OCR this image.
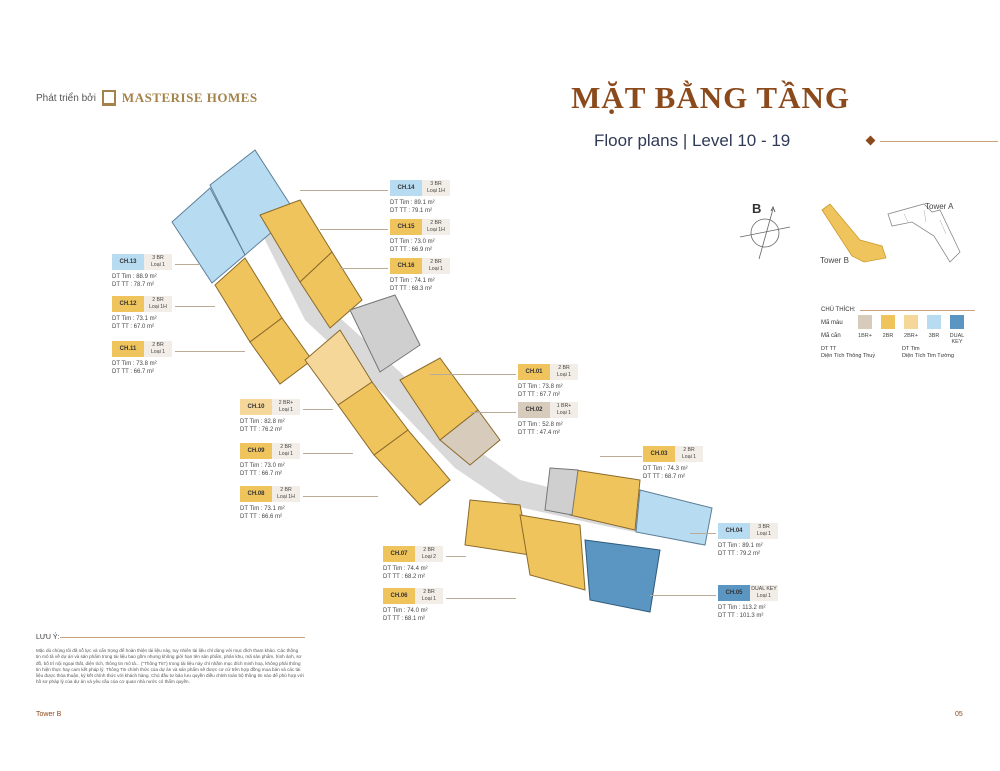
Phát triển bởi MASTERISE HOMES	MẶT BẰNG TẦNG
Floor plans | Level 10 - 19
B	Tower A
Tower B
CHÚ THÍCH:
Mã màu
Mã căn	1BR+	2BR	2BR+	3BR	DUAL KEY
DT TT
Diện Tích Thông Thuỷ
DT Tim
Diện Tích Tim Tường
CH.14
3 BR
Loại 1H
DT Tim : 89.1 m²
DT TT : 79.1 m²
CH.15
2 BR
Loại 1H
DT Tim : 73.0 m²
DT TT : 66.9 m²
CH.16
2 BR
Loại 1
DT Tim : 74.1 m²
DT TT : 68.3 m²
CH.13
3 BR
Loại 1
DT Tim : 88.9 m²
DT TT : 78.7 m²
CH.12
2 BR
Loại 1H
DT Tim : 73.1 m²
DT TT : 67.0 m²
CH.11
2 BR
Loại 1
DT Tim : 73.8 m²
DT TT : 66.7 m²	CH.01
2 BR
Loại 1
DT Tim : 73.8 m²
DT TT : 67.7 m²
CH.02
1 BR+
Loại 1
DT Tim : 52.8 m²
DT TT : 47.4 m²
CH.10
2 BR+
Loại 1
DT Tim : 82.8 m²
DT TT : 76.2 m²
CH.09
2 BR
Loại 1
DT Tim : 73.0 m²
DT TT : 66.7 m²
CH.08
2 BR
Loại 1H
DT Tim : 73.1 m²
DT TT : 66.6 m²
CH.03
2 BR
Loại 1
DT Tim : 74.3 m²
DT TT : 68.7 m²
CH.04
3 BR
Loại 1
DT Tim : 89.1 m²
DT TT : 79.2 m²
CH.07
2 BR
Loại 2
DT Tim : 74.4 m²
DT TT : 68.2 m²
CH.06
2 BR
Loại 1
DT Tim : 74.0 m²
DT TT : 68.1 m²
CH.05
DUAL KEY
Loại 1
DT Tim : 113.2 m²
DT TT : 101.3 m²
LƯU Ý:
Mặc dù chúng tôi đã nỗ lực và cẩn trọng để hoàn thiện tài liệu này, tuy nhiên tài liệu chỉ dùng với mục đích tham khảo. Các thông tin mô tả về dự án và sản phẩm trong tài liệu bao gồm nhưng không giới hạn tên sản phẩm, phân khu, mã sản phẩm, hình ảnh, sơ đồ, bố trí nội ngoại thất, diện tích, thông tin mô tả... ("Thông Tin") trong tài liệu này chỉ nhằm mục đích minh hoạ, không phải thông tin hiện thực hay cam kết pháp lý. Thông Tin chính thức của dự án và sản phẩm sẽ được cơ cứ trên hợp đồng mua bán và các tài liệu được thỏa thuận, ký kết chính thức với khách hàng. Chủ đầu tư bảo lưu quyền điều chỉnh toàn bộ thông tin nào để phù hợp với hồ sơ pháp lý của dự án và yêu cầu của cơ quan nhà nước có thẩm quyền.
Tower B	05
